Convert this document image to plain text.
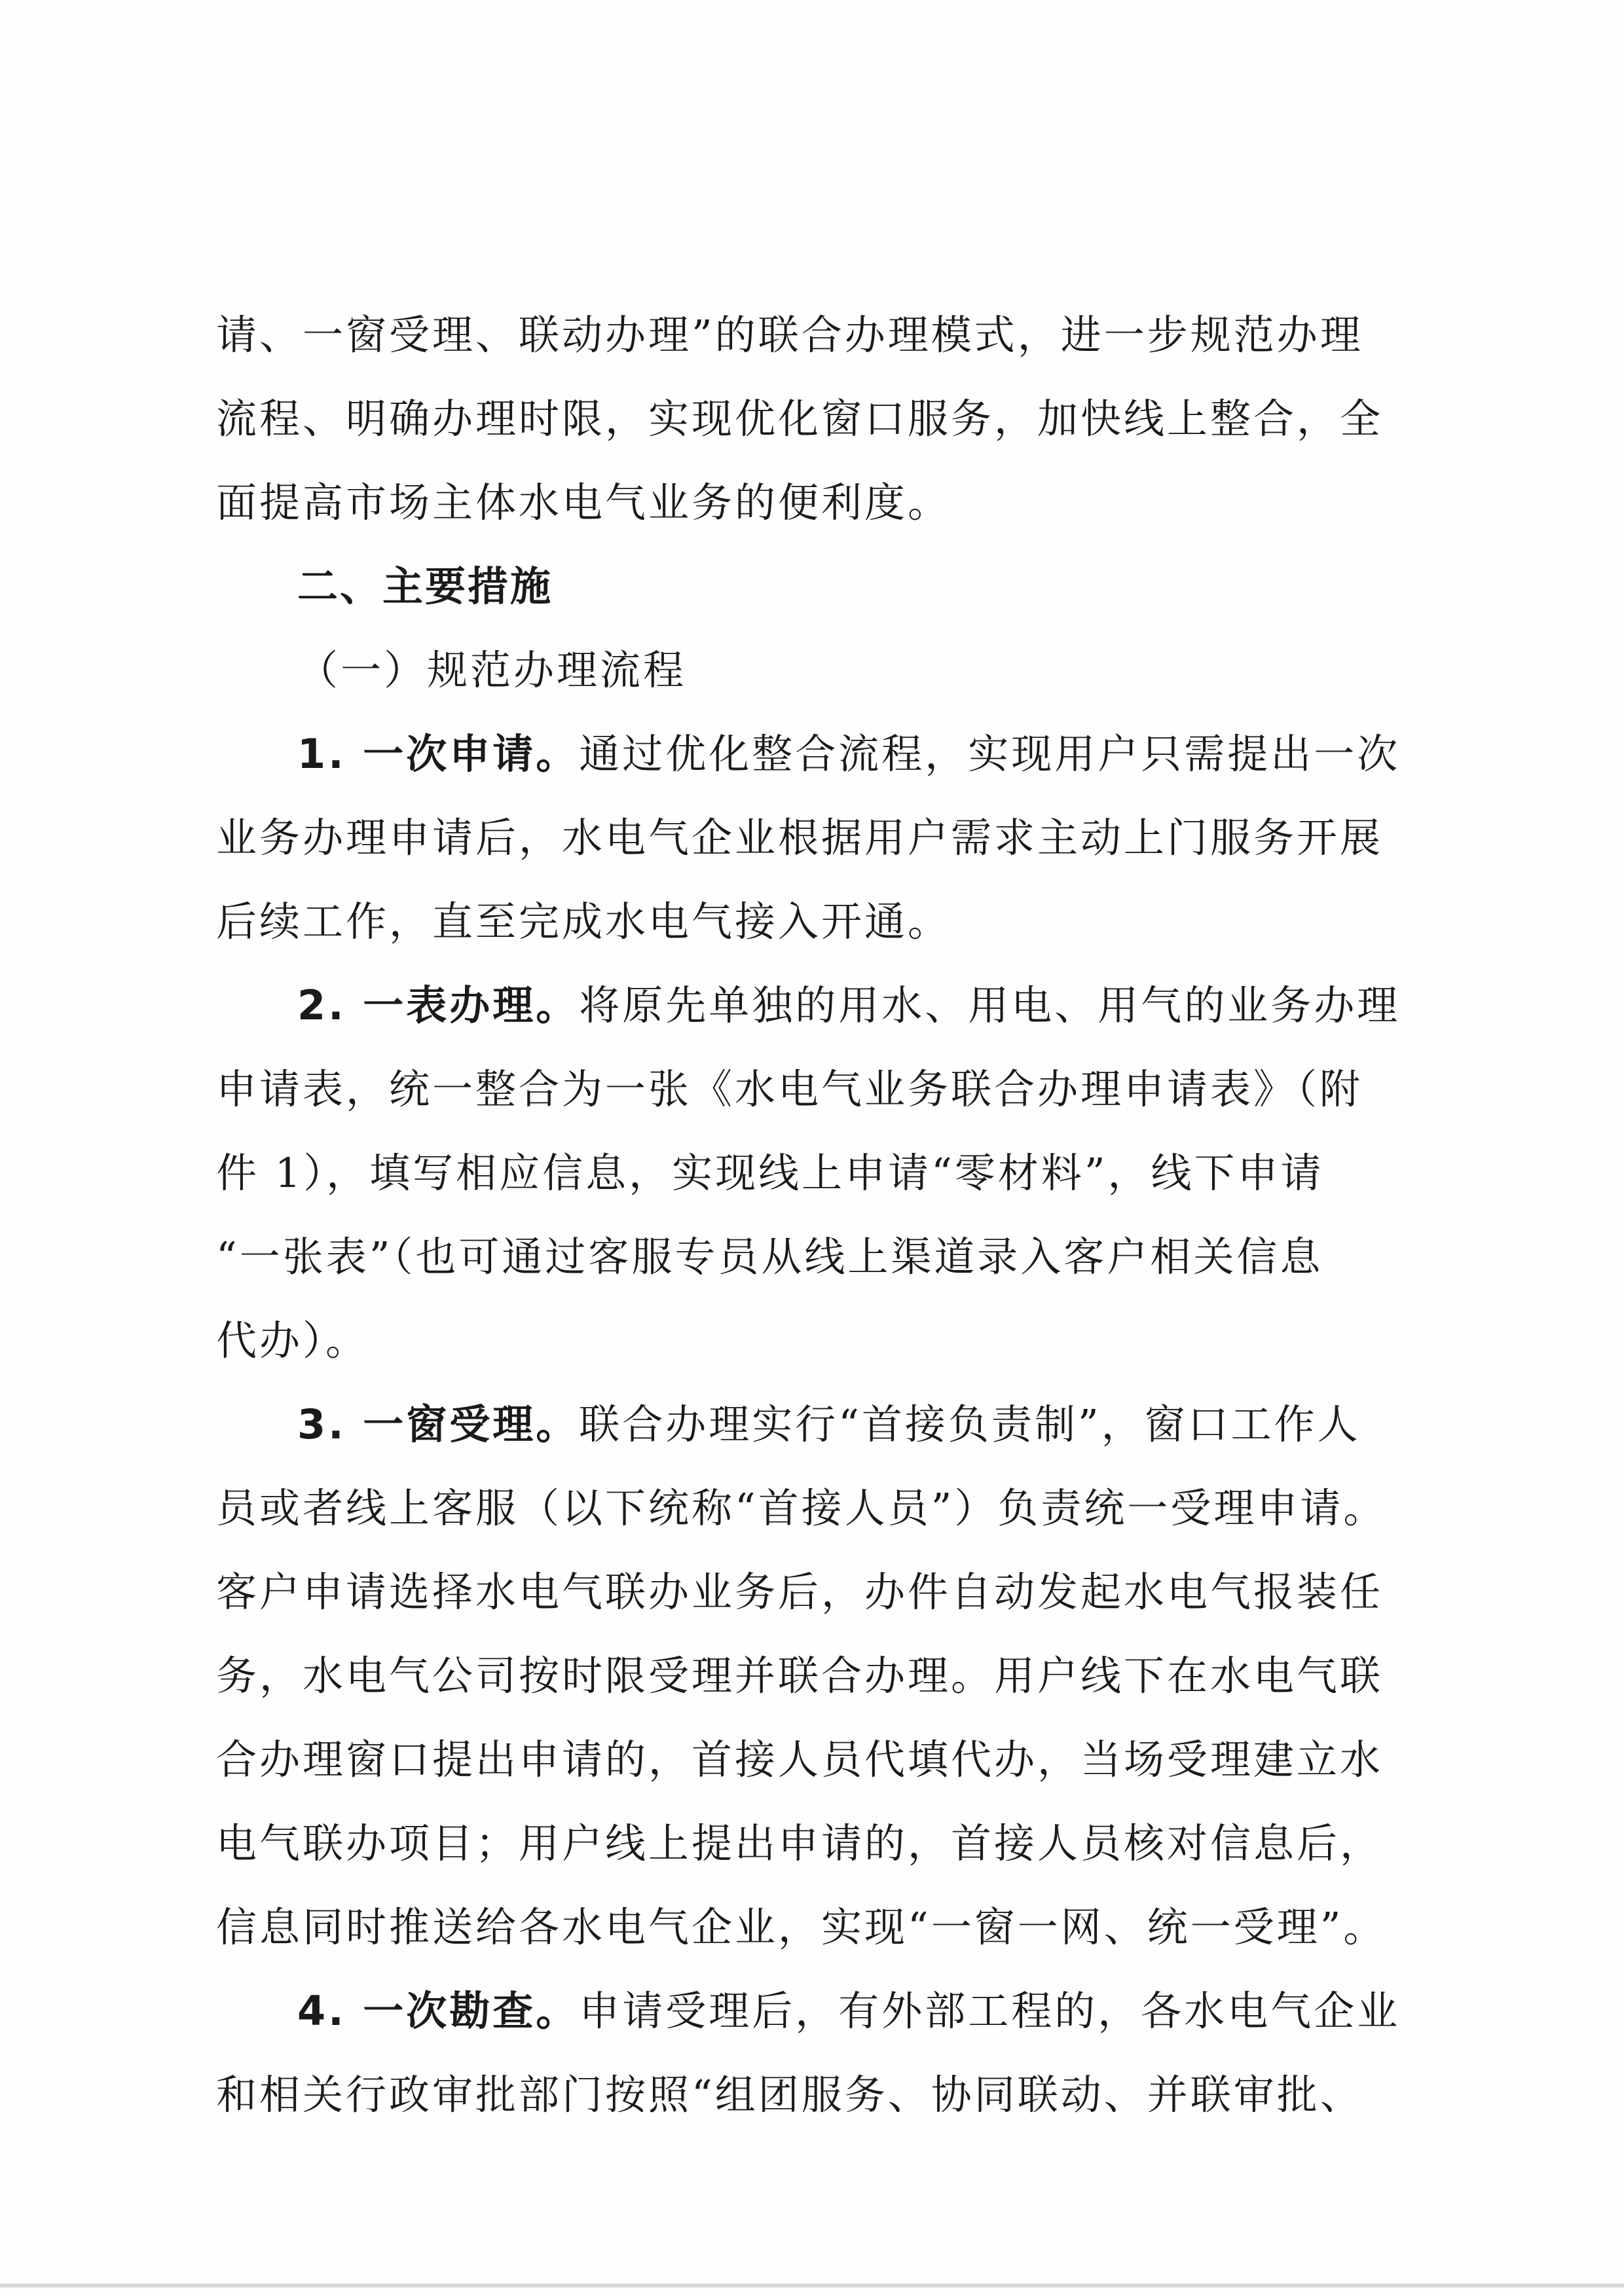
请、一窗受理、联动办理”的联合办理模式，进一步规范办理
流程、明确办理时限，实现优化窗口服务，加快线上整合，全
面提高市场主体水电气业务的便利度。
二、主要措施
（一）规范办理流程
1. 一次申请。通过优化整合流程，实现用户只需提出一次
业务办理申请后，水电气企业根据用户需求主动上门服务开展
后续工作，直至完成水电气接入开通。
2. 一表办理。将原先单独的用水、用电、用气的业务办理
申请表，统一整合为一张《水电气业务联合办理申请表》（附
件 1），填写相应信息，实现线上申请“零材料”，线下申请
“一张表”（也可通过客服专员从线上渠道录入客户相关信息
代办）。
3. 一窗受理。联合办理实行“首接负责制”，窗口工作人
员或者线上客服（以下统称“首接人员”）负责统一受理申请。
客户申请选择水电气联办业务后，办件自动发起水电气报装任
务，水电气公司按时限受理并联合办理。用户线下在水电气联
合办理窗口提出申请的，首接人员代填代办，当场受理建立水
电气联办项目；用户线上提出申请的，首接人员核对信息后，
信息同时推送给各水电气企业，实现“一窗一网、统一受理”。
4. 一次勘查。申请受理后，有外部工程的，各水电气企业
和相关行政审批部门按照“组团服务、协同联动、并联审批、
